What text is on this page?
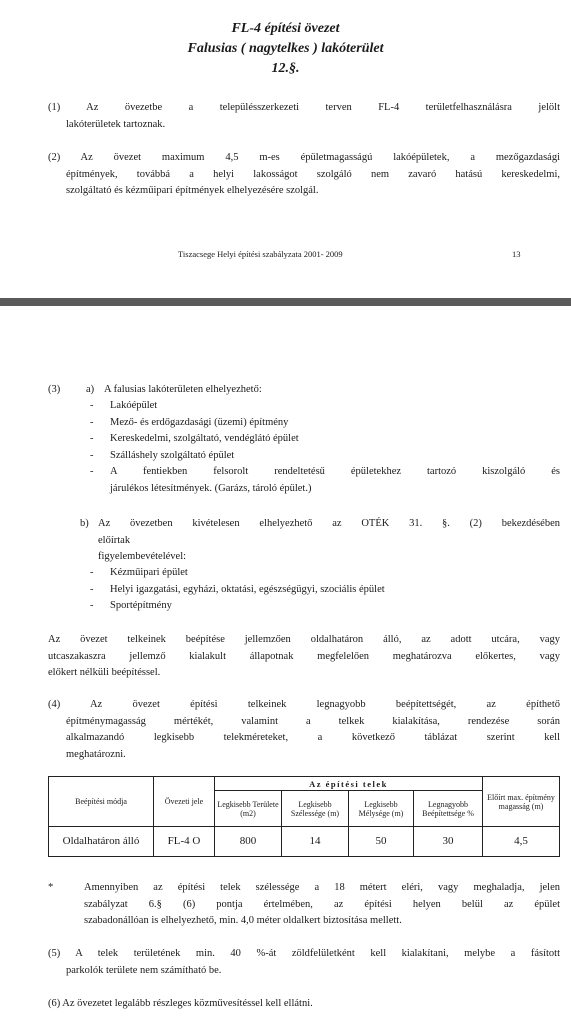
FL-4 építési övezet
Falusias ( nagytelkes ) lakóterület
12.§.
(1) Az övezetbe a településszerkezeti terven FL-4 területfelhasználásra jelölt
lakóterületek tartoznak.
(2) Az övezet maximum 4,5 m-es épületmagasságú lakóépületek, a mezőgazdasági
építmények, továbbá a helyi lakosságot szolgáló nem zavaró hatású kereskedelmi,
szolgáltató és kézműipari építmények elhelyezésére szolgál.
Tiszacsege Helyi építési szabályzata 2001- 2009	13
(3) a) A falusias lakóterületen elhelyezhető:
- Lakóépület
- Mező- és erdőgazdasági (üzemi) építmény
- Kereskedelmi, szolgáltató, vendéglátó épület
- Szálláshely szolgáltató épület
- A fentiekben felsorolt rendeltetésű épületekhez tartozó kiszolgáló és
járulékos létesítmények. (Garázs, tároló épület.)
b) Az övezetben kivételesen elhelyezhető az OTÉK 31. §. (2) bekezdésében
előírtak
figyelembevételével:
- Kézműipari épület
- Helyi igazgatási, egyházi, oktatási, egészségügyi, szociális épület
- Sportépítmény
Az övezet telkeinek beépítése jellemzően oldalhatáron álló, az adott utcára, vagy
utcaszakaszra jellemző kialakult állapotnak megfelelően meghatározva előkertes, vagy
előkert nélküli beépítéssel.
(4) Az övezet építési telkeinek legnagyobb beépítettségét, az építhető
építménymagasság mértékét, valamint a telkek kialakítása, rendezése során
alkalmazandó legkisebb telekméreteket, a következő táblázat szerint kell
meghatározni.
Beépítési módja	Övezeti jele	Az építési telek				Előírt max. építmény magasság (m)
		Legkisebb Területe (m2)	Legkisebb Szélessége (m)	Legkisebb Mélysége (m)	Legnagyobb Beépítettsége %	
Oldalhatáron álló	FL-4 O	800	14	50	30	4,5
*	Amennyiben az építési telek szélessége a 18 métert eléri, vagy meghaladja, jelen
szabályzat 6.§ (6) pontja értelmében, az építési helyen belül az épület
szabadonállóan is elhelyezhető, min. 4,0 méter oldalkert biztosítása mellett.
(5) A telek területének min. 40 %-át zöldfelületként kell kialakítani, melybe a fásított
parkolók területe nem számítható be.
(6) Az övezetet legalább részleges közművesítéssel kell ellátni.
